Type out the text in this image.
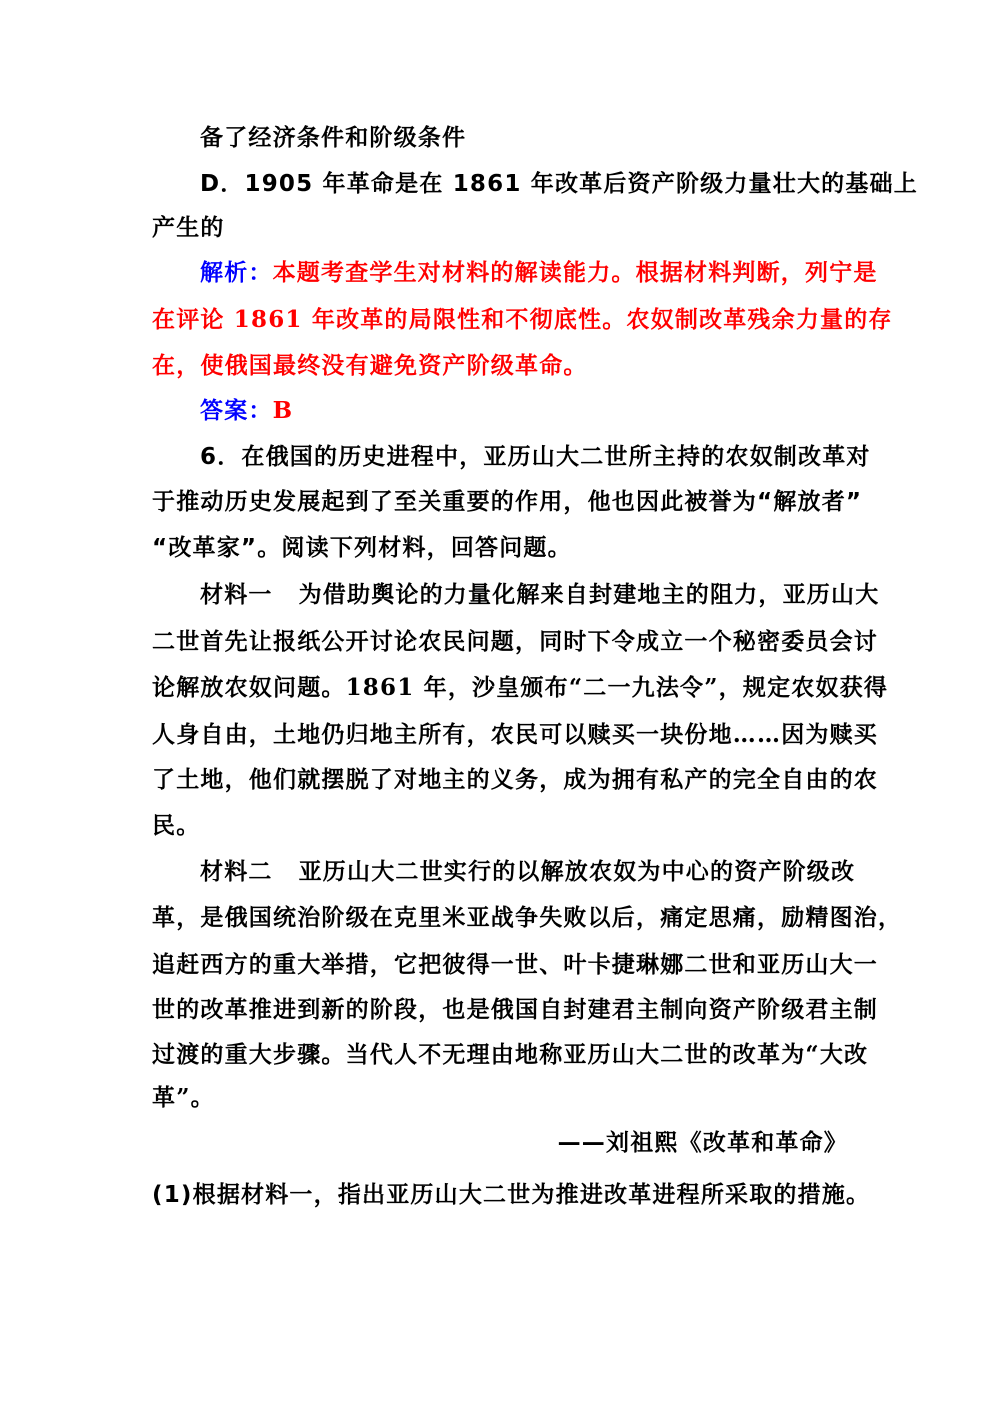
备了经济条件和阶级条件
D．1905 年革命是在 1861 年改革后资产阶级力量壮大的基础上
产生的
解析：本题考查学生对材料的解读能力。根据材料判断，列宁是
在评论 1861 年改革的局限性和不彻底性。农奴制改革残余力量的存
在，使俄国最终没有避免资产阶级革命。
答案：B
6．在俄国的历史进程中，亚历山大二世所主持的农奴制改革对
于推动历史发展起到了至关重要的作用，他也因此被誉为“解放者”
“改革家”。阅读下列材料，回答问题。
材料一 为借助舆论的力量化解来自封建地主的阻力，亚历山大
二世首先让报纸公开讨论农民问题，同时下令成立一个秘密委员会讨
论解放农奴问题。1861 年，沙皇颁布“二一九法令”，规定农奴获得
人身自由，土地仍归地主所有，农民可以赎买一块份地……因为赎买
了土地，他们就摆脱了对地主的义务，成为拥有私产的完全自由的农
民。
材料二 亚历山大二世实行的以解放农奴为中心的资产阶级改
革，是俄国统治阶级在克里米亚战争失败以后，痛定思痛，励精图治，
追赶西方的重大举措，它把彼得一世、叶卡捷琳娜二世和亚历山大一
世的改革推进到新的阶段，也是俄国自封建君主制向资产阶级君主制
过渡的重大步骤。当代人不无理由地称亚历山大二世的改革为“大改
革”。
——刘祖熙《改革和革命》
(1)根据材料一，指出亚历山大二世为推进改革进程所采取的措施。
